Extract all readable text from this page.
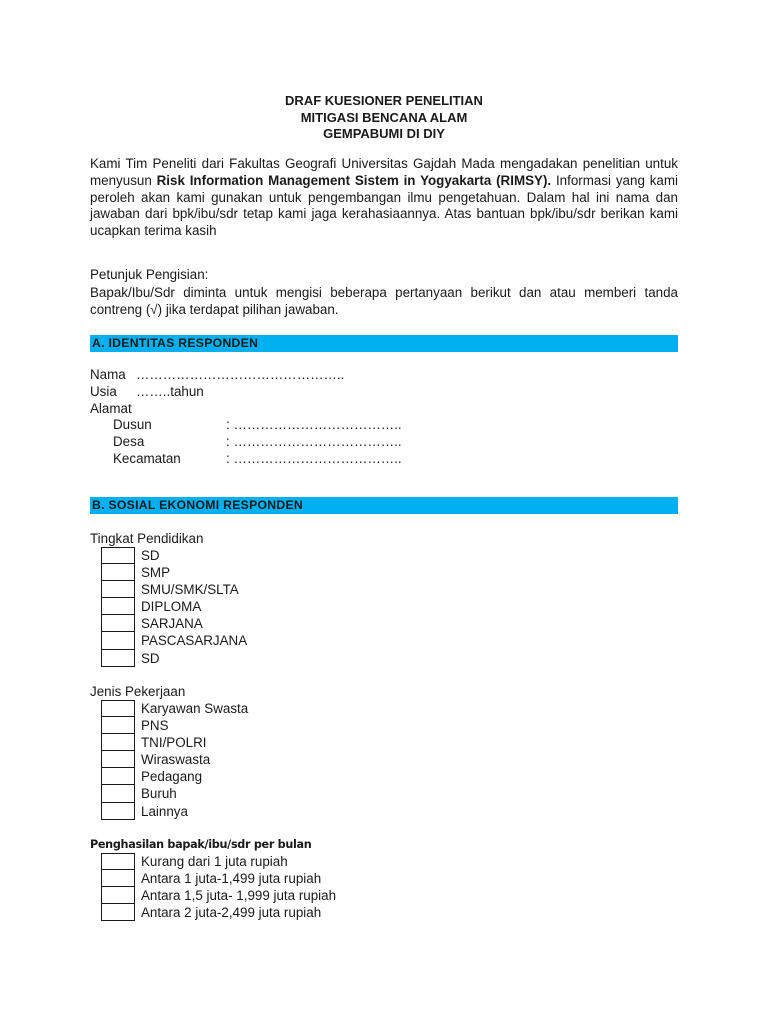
DRAF KUESIONER PENELITIAN
MITIGASI BENCANA ALAM
GEMPABUMI DI DIY
Kami Tim Peneliti dari Fakultas Geografi Universitas Gajdah Mada mengadakan penelitian untuk menyusun Risk Information Management Sistem in Yogyakarta (RIMSY). Informasi yang kami peroleh akan kami gunakan untuk pengembangan ilmu pengetahuan. Dalam hal ini nama dan jawaban dari bpk/ibu/sdr tetap kami jaga kerahasiaannya. Atas bantuan bpk/ibu/sdr berikan kami ucapkan terima kasih
Petunjuk Pengisian:
Bapak/Ibu/Sdr diminta untuk mengisi beberapa pertanyaan berikut dan atau memberi tanda contreng (√) jika terdapat pilihan jawaban.
A. IDENTITAS RESPONDEN
Nama ………………………………………..
Usia ……..tahun
Alamat
Dusun	: ………………………………..
Desa	: ………………………………..
Kecamatan	: ………………………………..
B. SOSIAL EKONOMI RESPONDEN
Tingkat Pendidikan
SD
SMP
SMU/SMK/SLTA
DIPLOMA
SARJANA
PASCASARJANA
SD
Jenis Pekerjaan
Karyawan Swasta
PNS
TNI/POLRI
Wiraswasta
Pedagang
Buruh
Lainnya
Penghasilan bapak/ibu/sdr per bulan
Kurang dari 1 juta rupiah
Antara 1 juta-1,499 juta rupiah
Antara 1,5 juta- 1,999 juta rupiah
Antara 2 juta-2,499 juta rupiah
